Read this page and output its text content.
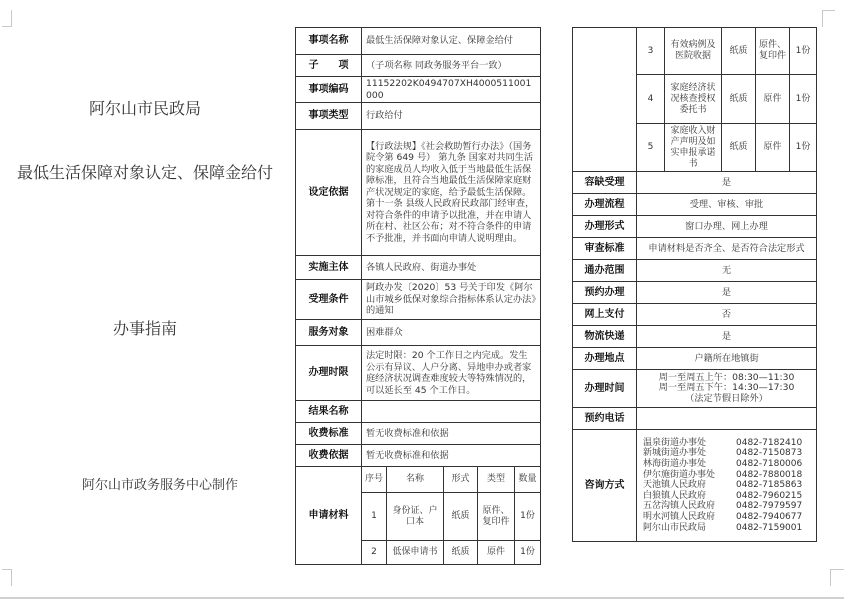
阿尔山市民政局
最低生活保障对象认定、保障金给付
办事指南
阿尔山市政务服务中心制作
事项名称	最低生活保障对象认定、保障金给付				
子　　项	（子项名称 同政务服务平台一致）				
事项编码	11152202K0494707XH4000511001000				
事项类型	行政给付				
设定依据	【行政法规】《社会救助暂行办法》（国务院令第 649 号） 第九条 国家对共同生活的家庭成员人均收入低于当地最低生活保障标准，且符合当地最低生活保障家庭财产状况规定的家庭，给予最低生活保障。 第十一条 县级人民政府民政部门经审查，对符合条件的申请予以批准，并在申请人所在村、社区公布；对不符合条件的申请不予批准，并书面向申请人说明理由。				
实施主体	各镇人民政府、街道办事处				
受理条件	阿政办发〔2020〕53 号关于印发《阿尔山市城乡低保对象综合指标体系认定办法》的通知				
服务对象	困难群众				
办理时限	法定时限：20 个工作日之内完成。发生公示有异议、人户分离、异地申办或者家庭经济状况调查难度较大等特殊情况的，可以延长至 45 个工作日。				
结果名称					
收费标准	暂无收费标准和依据				
收费依据	暂无收费标准和依据				
申请材料	序号	名称	形式	类型	数量
	1	身份证、户口本	纸质	原件、复印件	1份
	2	低保申请书	纸质	原件	1份
	3	有效病例及医院收据	纸质	原件、复印件	1份
	4	家庭经济状况核查授权委托书	纸质	原件	1份
	5	家庭收入财产声明及如实申报承诺书	纸质	原件	1份
容缺受理	是				
办理流程	受理、审核、审批				
办理形式	窗口办理、网上办理				
审查标准	申请材料是否齐全、是否符合法定形式				
通办范围	无				
预约办理	是				
网上支付	否				
物流快递	是				
办理地点	户籍所在地镇街				
办理时间	周一至周五上午：08:30—11:30
周一至周五下午：14:30—17:30
（法定节假日除外）				

预约电话					
咨询方式	
温泉街道办事处	0482-7182410
新城街道办事处	0482-7150873
林海街道办事处	0482-7180006
伊尔施街道办事处 0482-7880018
天池镇人民政府	0482-7185863
白狼镇人民政府	0482-7960215
五岔沟镇人民政府 0482-7979597
明水河镇人民政府 0482-7940677
阿尔山市民政局	0482-7159001
